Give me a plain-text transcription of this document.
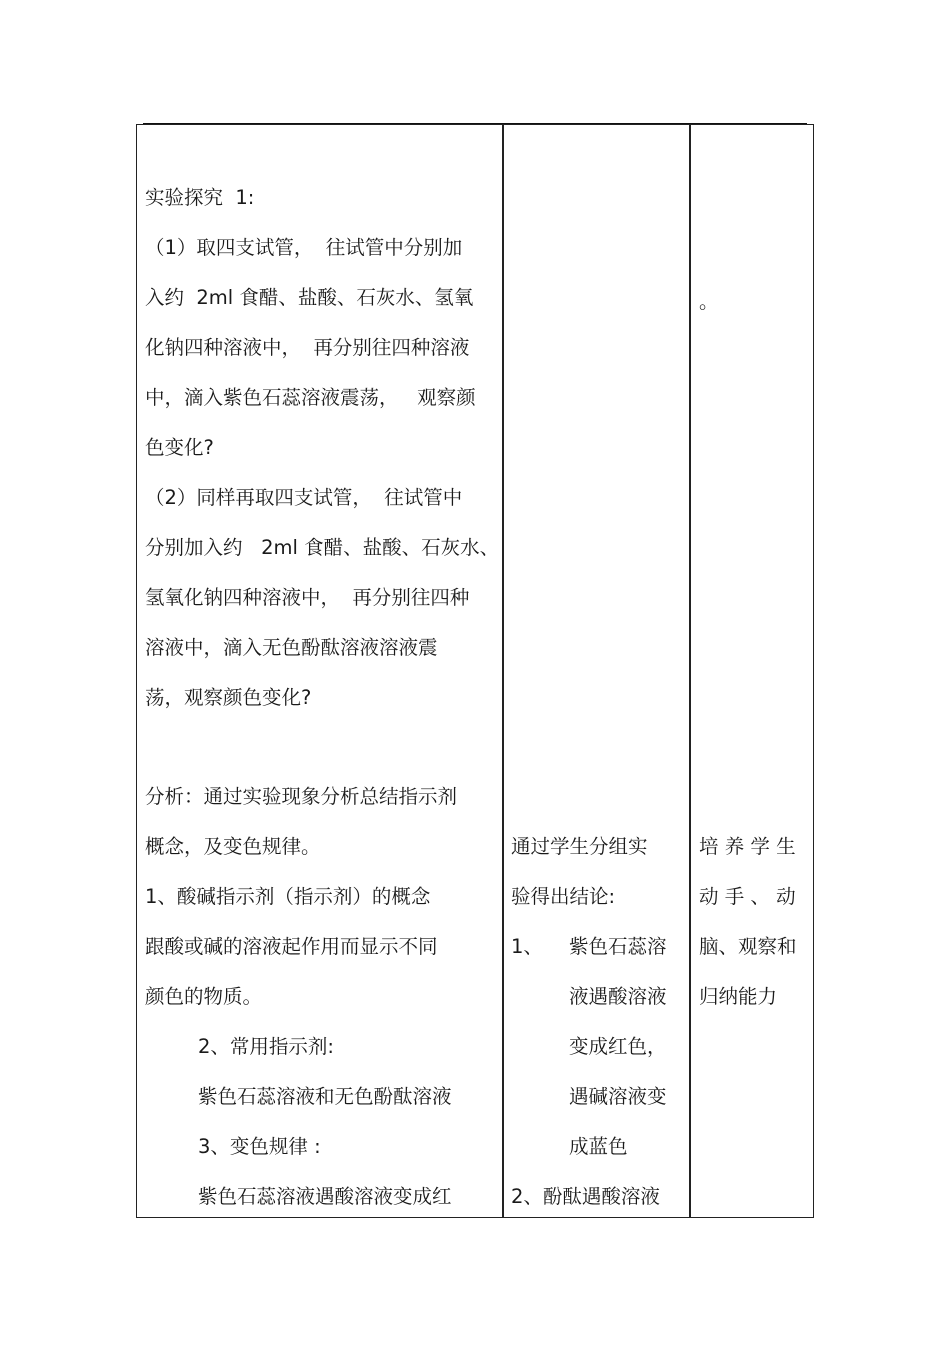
实验探究  1:
（1）取四支试管，  往试管中分别加
入约  2ml 食醋、盐酸、石灰水、氢氧
化钠四种溶液中，  再分别往四种溶液
中，滴入紫色石蕊溶液震荡，   观察颜
色变化?
（2）同样再取四支试管，  往试管中
分别加入约   2ml 食醋、盐酸、石灰水、
氢氧化钠四种溶液中，  再分别往四种
溶液中，滴入无色酚酞溶液溶液震
荡，观察颜色变化?
分析：通过实验现象分析总结指示剂
概念，及变色规律。
1、酸碱指示剂（指示剂）的概念
跟酸或碱的溶液起作用而显示不同
颜色的物质。
2、常用指示剂:
紫色石蕊溶液和无色酚酞溶液
3、变色规律 :
紫色石蕊溶液遇酸溶液变成红
通过学生分组实
验得出结论:
1、 紫色石蕊溶
液遇酸溶液
变成红色，
遇碱溶液变
成蓝色
2、酚酞遇酸溶液
。
培 养 学 生
动 手 、 动
脑、观察和
归纳能力
